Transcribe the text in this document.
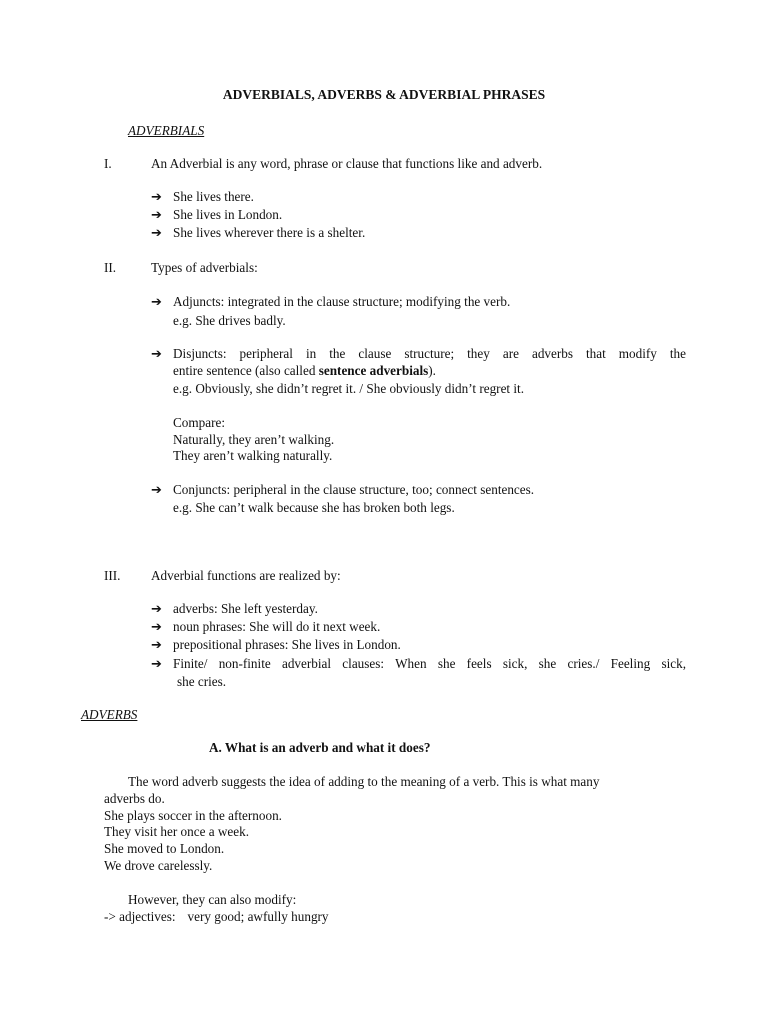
ADVERBIALS, ADVERBS & ADVERBIAL PHRASES
ADVERBIALS
I.	An Adverbial is any word, phrase or clause that functions like and adverb.
➔ She lives there.
➔ She lives in London.
➔ She lives wherever there is a shelter.
II.	Types of adverbials:
➔ Adjuncts: integrated in the clause structure; modifying the verb.
e.g. She drives badly.
➔ Disjuncts: peripheral in the clause structure; they are adverbs that modify the
entire sentence (also called sentence adverbials).
e.g. Obviously, she didn’t regret it. / She obviously didn’t regret it.
Compare:
Naturally, they aren’t walking.
They aren’t walking naturally.
➔ Conjuncts: peripheral in the clause structure, too; connect sentences.
e.g. She can’t walk because she has broken both legs.
III. Adverbial functions are realized by:
➔ adverbs: She left yesterday.
➔ noun phrases: She will do it next week.
➔ prepositional phrases: She lives in London.
➔ Finite/ non-finite adverbial clauses: When she feels sick, she cries./ Feeling sick,
she cries.
ADVERBS
A. What is an adverb and what it does?
The word adverb suggests the idea of adding to the meaning of a verb. This is what many
adverbs do.
She plays soccer in the afternoon.
They visit her once a week.
She moved to London.
We drove carelessly.
However, they can also modify:
-> adjectives: very good; awfully hungry
